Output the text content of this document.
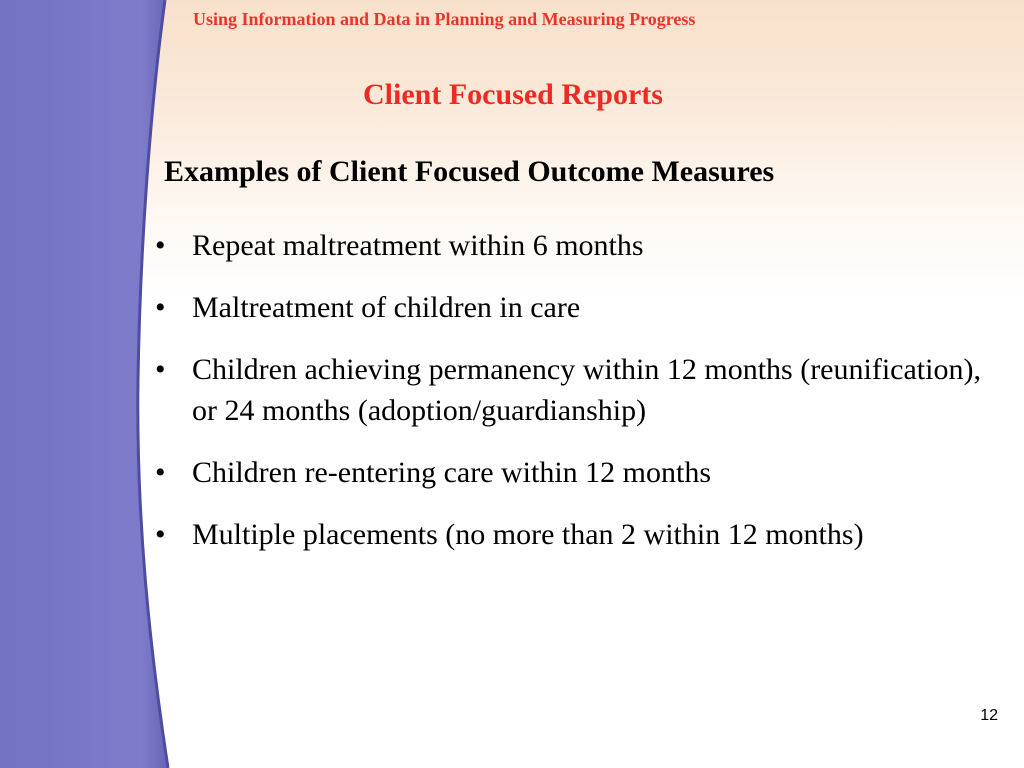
Using Information and Data in Planning and Measuring Progress
Client Focused Reports
Examples of Client Focused Outcome Measures
• Repeat maltreatment within 6 months
• Maltreatment of children in care
• Children achieving permanency within 12 months (reunification), or 24 months (adoption/guardianship)
• Children re-entering care within 12 months
• Multiple placements (no more than 2 within 12 months)
12
